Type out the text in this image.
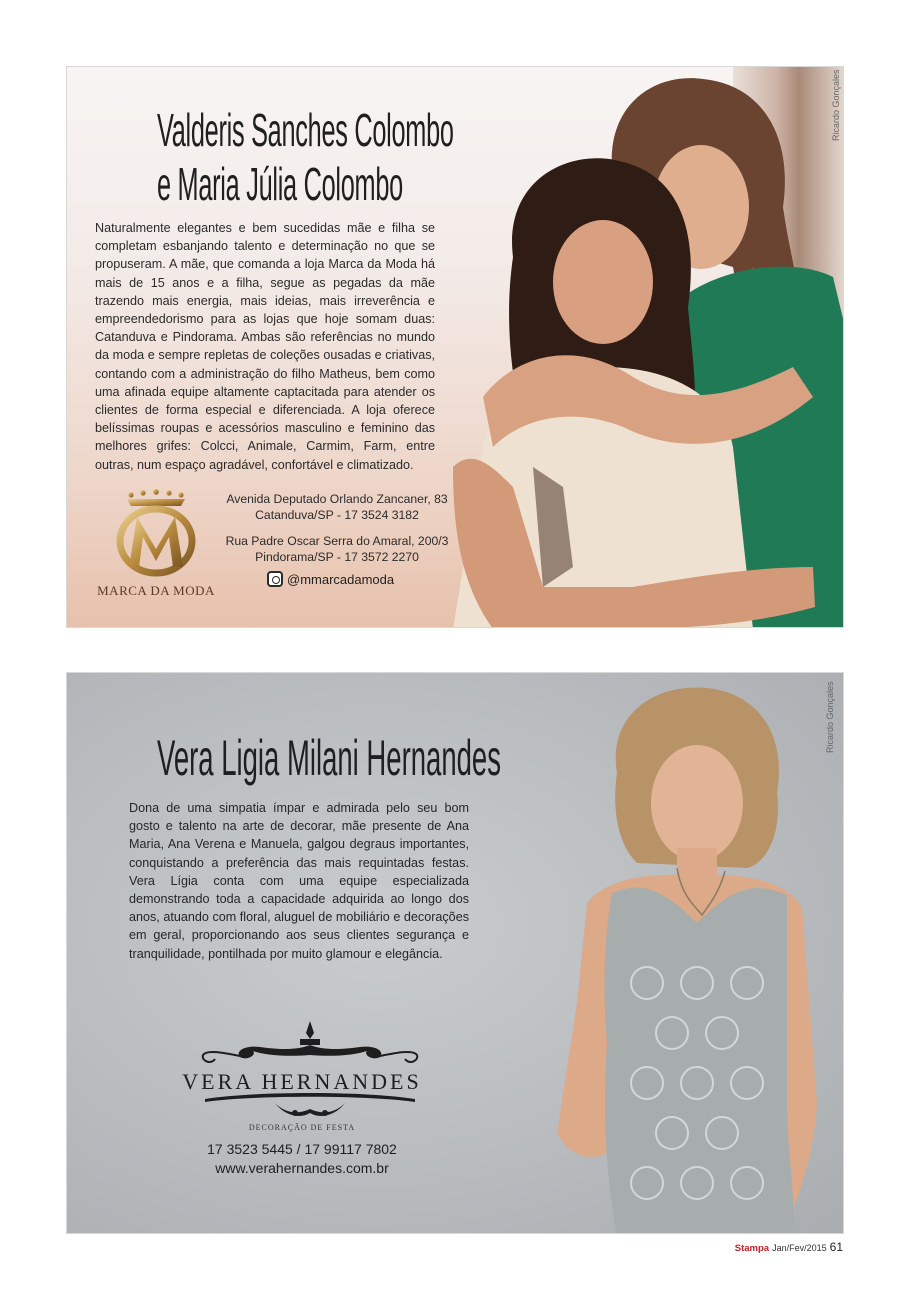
Valderis Sanches Colombo
e Maria Júlia Colombo

Naturalmente elegantes e bem sucedidas mãe e filha se completam esbanjando talento e determinação no que se propuseram. A mãe, que comanda a loja Marca da Moda há mais de 15 anos e a filha, segue as pegadas da mãe trazendo mais energia, mais ideias, mais irreverência e empreendedorismo para as lojas que hoje somam duas: Catanduva e Pindorama. Ambas são referências no mundo da moda e sempre repletas de coleções ousadas e criativas, contando com a administração do filho Matheus, bem como uma afinada equipe altamente captacitada para atender os clientes de forma especial e diferenciada. A loja oferece belíssimas roupas e acessórios masculino e feminino das melhores grifes: Colcci, Animale, Carmim, Farm, entre outras, num espaço agradável, confortável e climatizado.

MARCA DA MODA
Avenida Deputado Orlando Zancaner, 83
Catanduva/SP - 17 3524 3182
Rua Padre Oscar Serra do Amaral, 200/3
Pindorama/SP - 17 3572 2270
@mmarcadamoda
Ricardo Gonçales
Vera Ligia Milani Hernandes

Dona de uma simpatia ímpar e admirada pelo seu bom gosto e talento na arte de decorar, mãe presente de Ana Maria, Ana Verena e Manuela, galgou degraus importantes, conquistando a preferência das mais requintadas festas. Vera Lígia conta com uma equipe especializada demonstrando toda a capacidade adquirida ao longo dos anos, atuando com floral, aluguel de mobiliário e decorações em geral, proporcionando aos seus clientes segurança e tranquilidade, pontilhada por muito glamour e elegância.

VERA HERNANDES
DECORAÇÃO DE FESTA
17 3523 5445 / 17 99117 7802
www.verahernandes.com.br
Ricardo Gonçales
Stampa Jan/Fev/2015 61
